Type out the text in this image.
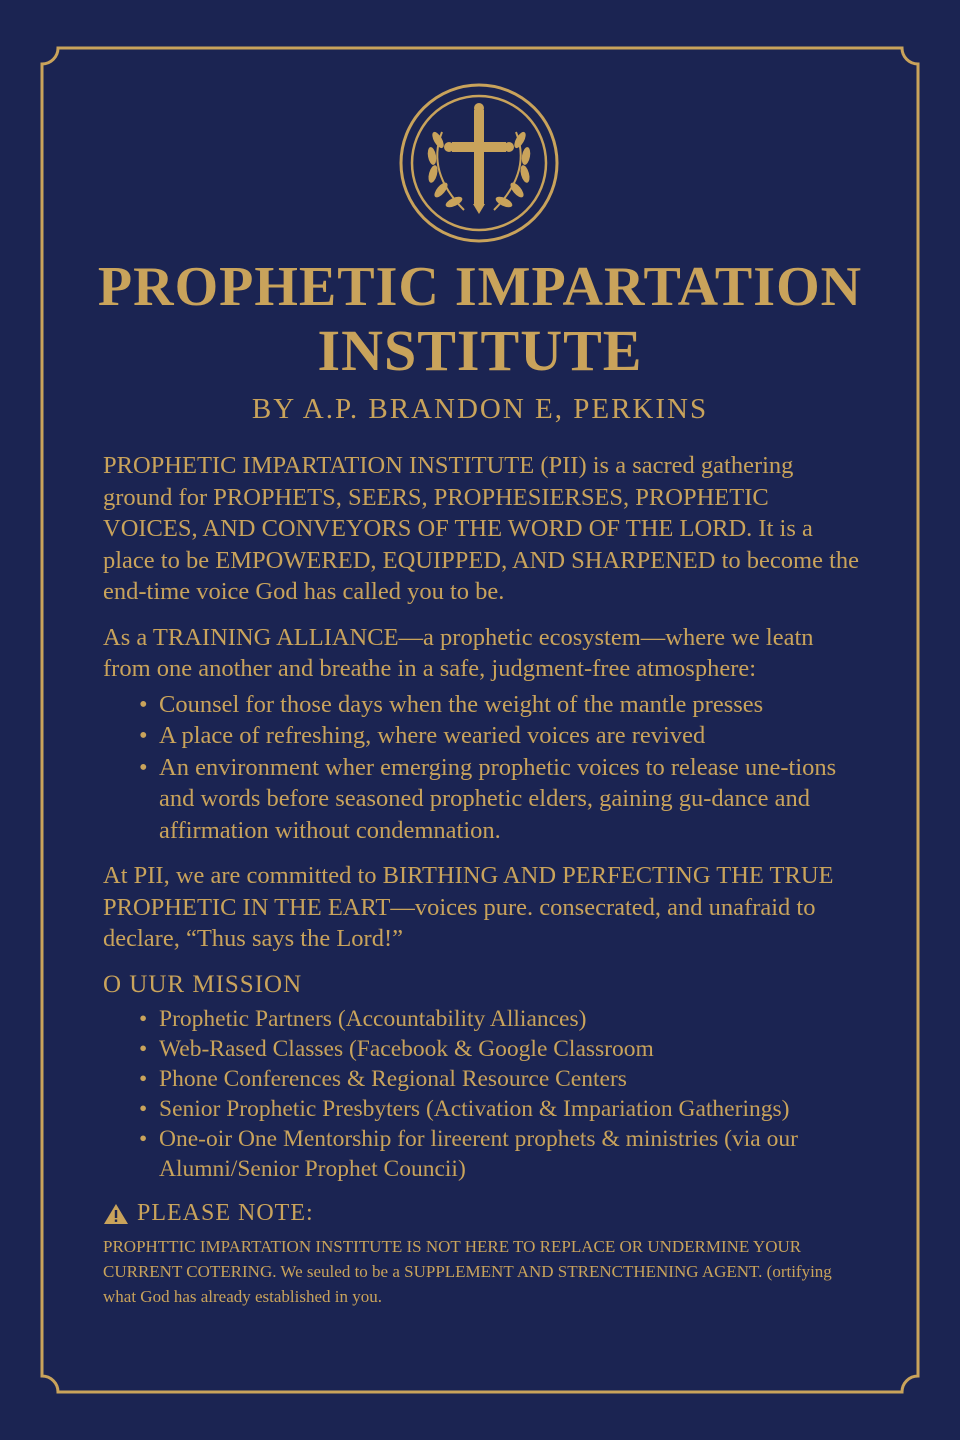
PROPHETIC IMPARTATION
INSTITUTE
BY A.P. BRANDON E, PERKINS

PROPHETIC IMPARTATION INSTITUTE (PII) is a sacred gathering ground for PROPHETS, SEERS, PROPHESIERSES, PROPHETIC VOICES, AND CONVEYORS OF THE WORD OF THE LORD. It is a place to be EMPOWERED, EQUIPPED, AND SHARPENED to become the end-time voice God has called you to be.

As a TRAINING ALLIANCE—a prophetic ecosystem—where we leatn from one another and breathe in a safe, judgment-free atmosphere:

• Counsel for those days when the weight of the mantle presses
• A place of refreshing, where wearied voices are revived
• An environment wher emerging prophetic voices to release une-tions and words before seasoned prophetic elders, gaining gu-dance and affirmation without condemnation.

At PII, we are committed to BIRTHING AND PERFECTING THE TRUE PROPHETIC IN THE EART—voices pure. consecrated, and unafraid to declare, “Thus says the Lord!”

O UUR MISSION
• Prophetic Partners (Accountability Alliances)
• Web-Rased Classes (Facebook & Google Classroom
• Phone Conferences & Regional Resource Centers
• Senior Prophetic Presbyters (Activation & Impariation Gatherings)
• One-oir One Mentorship for lireerent prophets & ministries (via our Alumni/Senior Prophet Councii)
PLEASE NOTE:
PROPHTTIC IMPARTATION INSTITUTE IS NOT HERE TO REPLACE OR UNDERMINE YOUR CURRENT COTERING. We seuled to be a SUPPLEMENT AND STRENCTHENING AGENT. (ortifying what God has already established in you.
